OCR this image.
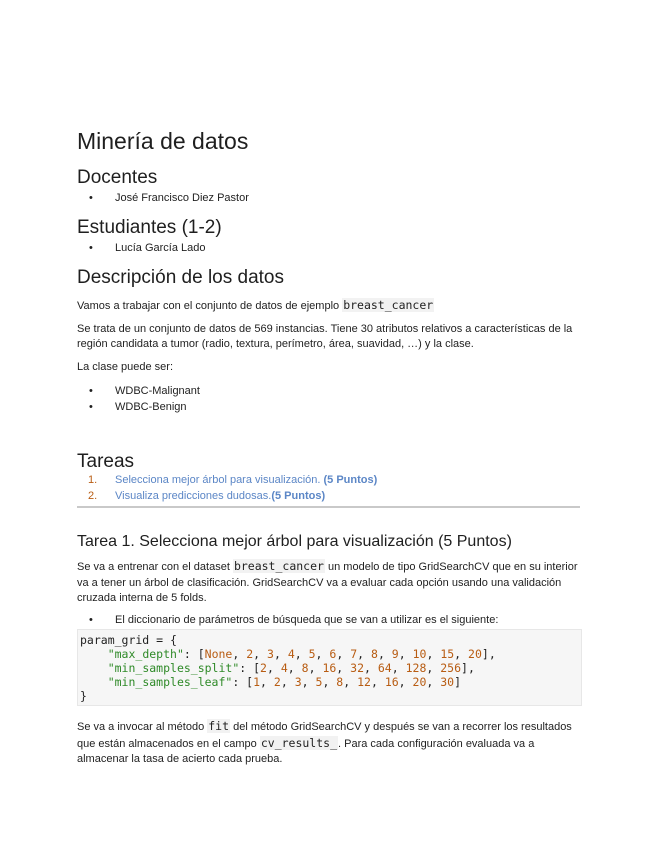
Minería de datos
Docentes
• José Francisco Diez Pastor
Estudiantes (1-2)
• Lucía García Lado
Descripción de los datos

Vamos a trabajar con el conjunto de datos de ejemplo breast_cancer

Se trata de un conjunto de datos de 569 instancias. Tiene 30 atributos relativos a características de la región candidata a tumor (radio, textura, perímetro, área, suavidad, …) y la clase.

La clase puede ser:

• WDBC-Malignant
• WDBC-Benign
Tareas
1. Selecciona mejor árbol para visualización. (5 Puntos)
2. Visualiza predicciones dudosas.(5 Puntos)
Tarea 1. Selecciona mejor árbol para visualización (5 Puntos)

Se va a entrenar con el dataset breast_cancer un modelo de tipo GridSearchCV que en su interior va a tener un árbol de clasificación. GridSearchCV va a evaluar cada opción usando una validación cruzada interna de 5 folds.

• El diccionario de parámetros de búsqueda que se van a utilizar es el siguiente:
param_grid = {
"max_depth": [None, 2, 3, 4, 5, 6, 7, 8, 9, 10, 15, 20],
"min_samples_split": [2, 4, 8, 16, 32, 64, 128, 256],
"min_samples_leaf": [1, 2, 3, 5, 8, 12, 16, 20, 30]
}

Se va a invocar al método fit del método GridSearchCV y después se van a recorrer los resultados que están almacenados en el campo cv_results_. Para cada configuración evaluada va a almacenar la tasa de acierto cada prueba.
